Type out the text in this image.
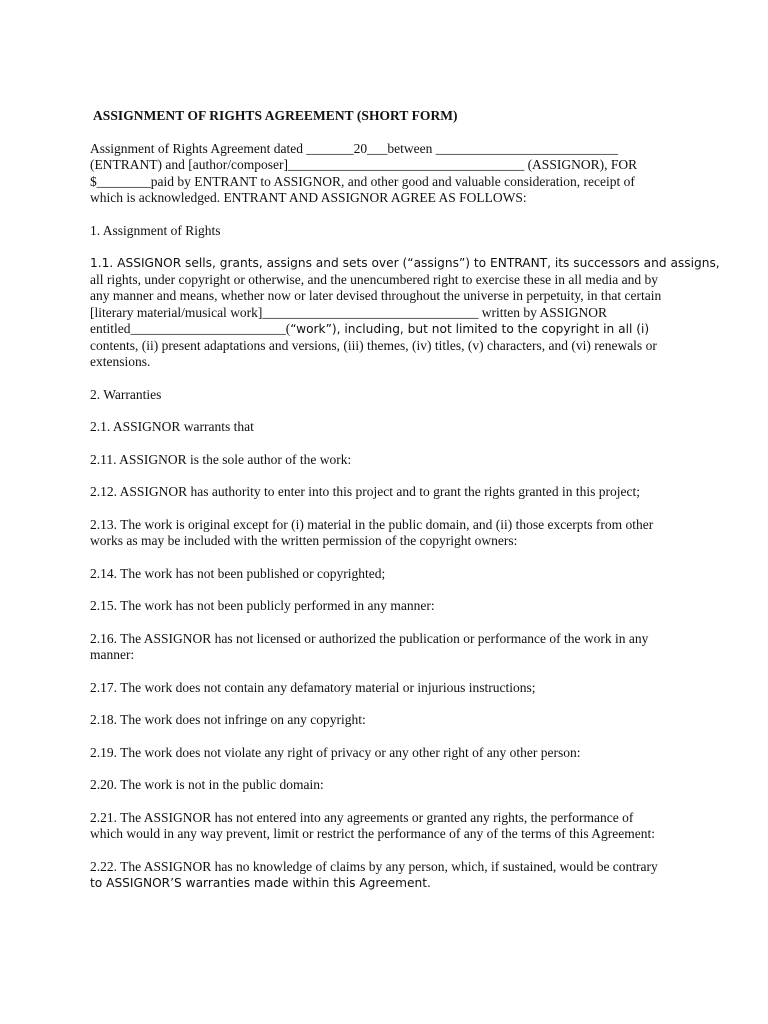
ASSIGNMENT OF RIGHTS AGREEMENT (SHORT FORM)
Assignment of Rights Agreement dated _______20___between ___________________________
(ENTRANT) and [author/composer]___________________________________ (ASSIGNOR), FOR
$________paid by ENTRANT to ASSIGNOR, and other good and valuable consideration, receipt of
which is acknowledged. ENTRANT AND ASSIGNOR AGREE AS FOLLOWS:
1. Assignment of Rights
1.1. ASSIGNOR sells, grants, assigns and sets over (“assigns”) to ENTRANT, its successors and assigns,
all rights, under copyright or otherwise, and the unencumbered right to exercise these in all media and by
any manner and means, whether now or later devised throughout the universe in perpetuity, in that certain
[literary material/musical work]________________________________ written by ASSIGNOR
entitled_______________________(“work”), including, but not limited to the copyright in all (i)
contents, (ii) present adaptations and versions, (iii) themes, (iv) titles, (v) characters, and (vi) renewals or
extensions.
2. Warranties
2.1. ASSIGNOR warrants that
2.11. ASSIGNOR is the sole author of the work:
2.12. ASSIGNOR has authority to enter into this project and to grant the rights granted in this project;
2.13. The work is original except for (i) material in the public domain, and (ii) those excerpts from other
works as may be included with the written permission of the copyright owners:
2.14. The work has not been published or copyrighted;
2.15. The work has not been publicly performed in any manner:
2.16. The ASSIGNOR has not licensed or authorized the publication or performance of the work in any
manner:
2.17. The work does not contain any defamatory material or injurious instructions;
2.18. The work does not infringe on any copyright:
2.19. The work does not violate any right of privacy or any other right of any other person:
2.20. The work is not in the public domain:
2.21. The ASSIGNOR has not entered into any agreements or granted any rights, the performance of
which would in any way prevent, limit or restrict the performance of any of the terms of this Agreement:
2.22. The ASSIGNOR has no knowledge of claims by any person, which, if sustained, would be contrary
to ASSIGNOR’S warranties made within this Agreement.
